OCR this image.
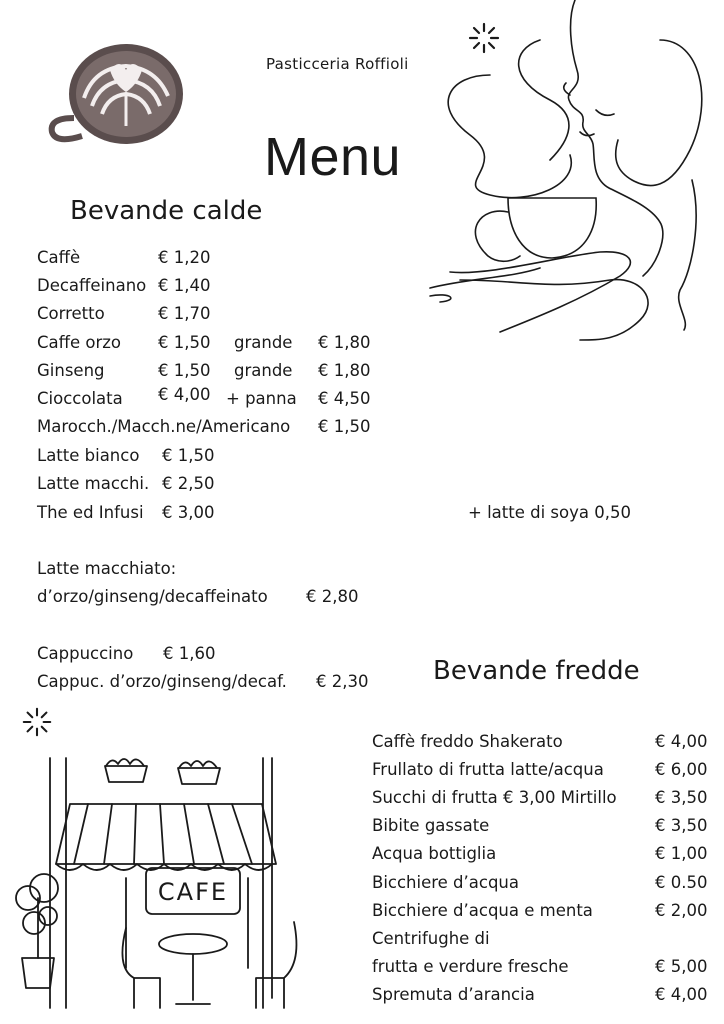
Pasticceria Roffioli
Menu
Bevande calde
Caffè	€ 1,20
Decaffeinano € 1,40
Corretto	€ 1,70
Caffe orzo € 1,50 grande € 1,80
Ginseng	€ 1,50 grande € 1,80
Cioccolata € 4,00 + panna € 4,50
Marocch./Macch.ne/Americano € 1,50
Latte bianco € 1,50
Latte macchi. € 2,50
The ed Infusi € 3,00	+ latte di soya 0,50
Latte macchiato:
d’orzo/ginseng/decaffeinato € 2,80
Cappuccino € 1,60
Cappuc. d’orzo/ginseng/decaf. € 2,30 Bevande fredde
Caffè freddo Shakerato	€ 4,00
Frullato di frutta latte/acqua	€ 6,00
Succhi di frutta € 3,00 Mirtillo € 3,50
Bibite gassate	€ 3,50
Acqua bottiglia	€ 1,00
Bicchiere d’acqua	€ 0.50
Bicchiere d’acqua e menta	€ 2,00
Centrifughe di
frutta e verdure fresche	€ 5,00
Spremuta d’arancia	€ 4,00
CAFE
